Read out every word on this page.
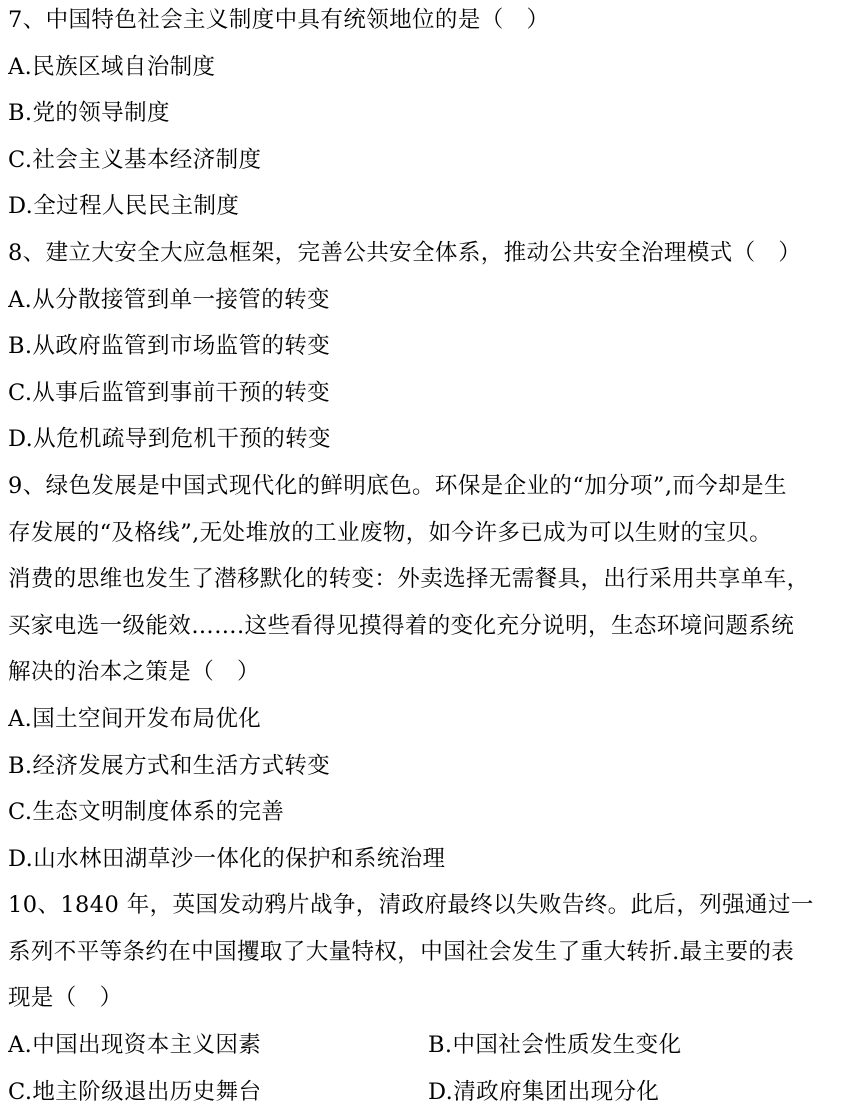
7、中国特色社会主义制度中具有统领地位的是（　）
A.民族区域自治制度
B.党的领导制度
C.社会主义基本经济制度
D.全过程人民民主制度
8、建立大安全大应急框架，完善公共安全体系，推动公共安全治理模式（　）
A.从分散接管到单一接管的转变
B.从政府监管到市场监管的转变
C.从事后监管到事前干预的转变
D.从危机疏导到危机干预的转变
9、绿色发展是中国式现代化的鲜明底色。环保是企业的“加分项”,而今却是生
存发展的“及格线”,无处堆放的工业废物，如今许多已成为可以生财的宝贝。
消费的思维也发生了潜移默化的转变：外卖选择无需餐具，出行采用共享单车，
买家电选一级能效…….这些看得见摸得着的变化充分说明，生态环境问题系统
解决的治本之策是（　）
A.国土空间开发布局优化
B.经济发展方式和生活方式转变
C.生态文明制度体系的完善
D.山水林田湖草沙一体化的保护和系统治理
10、1840 年，英国发动鸦片战争，清政府最终以失败告终。此后，列强通过一
系列不平等条约在中国攫取了大量特权，中国社会发生了重大转折.最主要的表
现是（　）
A.中国出现资本主义因素	B.中国社会性质发生变化
C.地主阶级退出历史舞台	D.清政府集团出现分化
